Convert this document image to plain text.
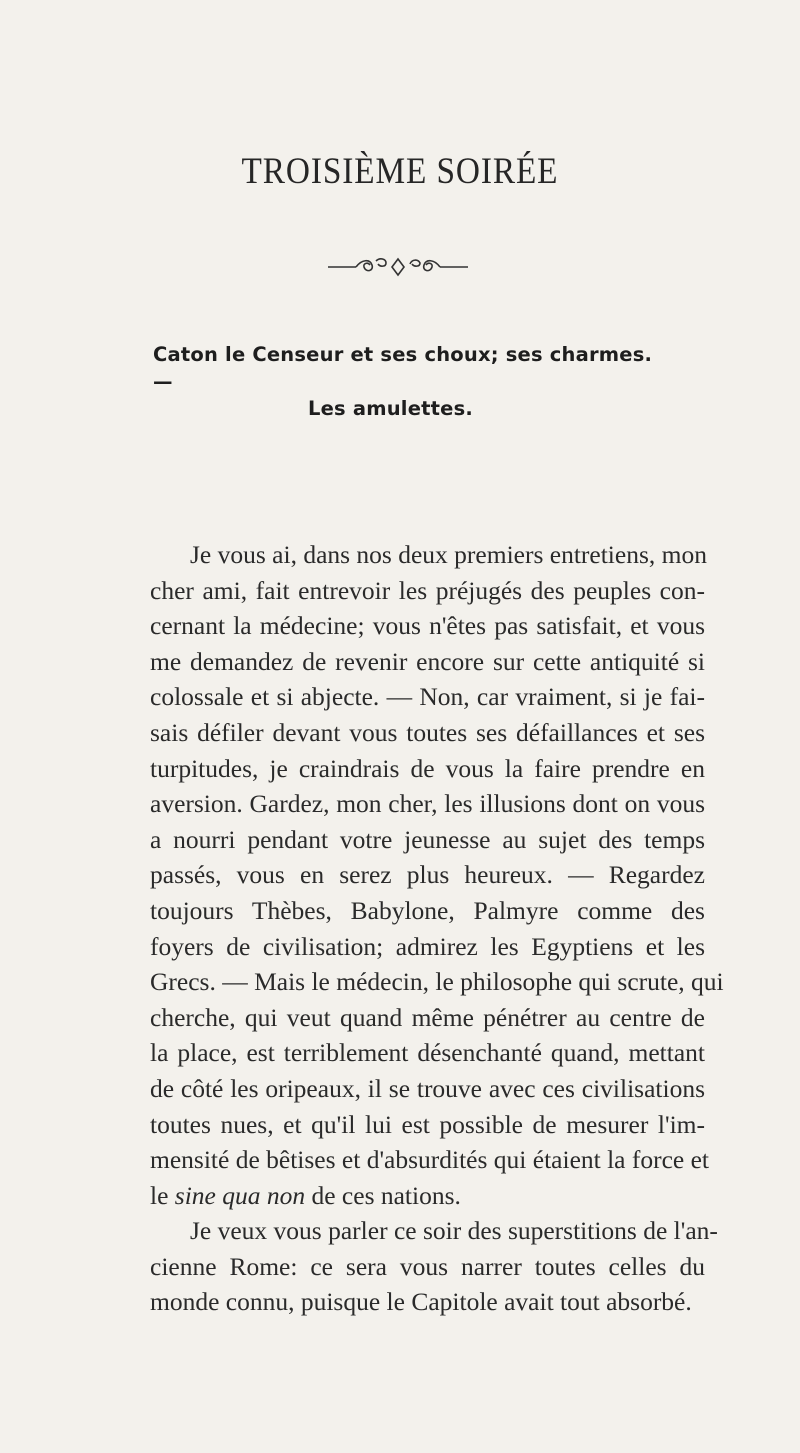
TROISIÈME SOIRÉE
Caton le Censeur et ses choux; ses charmes. —
Les amulettes.
Je vous ai, dans nos deux premiers entretiens, mon
cher ami, fait entrevoir les préjugés des peuples con-
cernant la médecine; vous n'êtes pas satisfait, et vous
me demandez de revenir encore sur cette antiquité si
colossale et si abjecte. — Non, car vraiment, si je fai-
sais défiler devant vous toutes ses défaillances et ses
turpitudes, je craindrais de vous la faire prendre en
aversion. Gardez, mon cher, les illusions dont on vous
a nourri pendant votre jeunesse au sujet des temps
passés, vous en serez plus heureux. — Regardez
toujours Thèbes, Babylone, Palmyre comme des
foyers de civilisation; admirez les Egyptiens et les
Grecs. — Mais le médecin, le philosophe qui scrute, qui
cherche, qui veut quand même pénétrer au centre de
la place, est terriblement désenchanté quand, mettant
de côté les oripeaux, il se trouve avec ces civilisations
toutes nues, et qu'il lui est possible de mesurer l'im-
mensité de bêtises et d'absurdités qui étaient la force et
le sine qua non de ces nations.
Je veux vous parler ce soir des superstitions de l'an-
cienne Rome: ce sera vous narrer toutes celles du
monde connu, puisque le Capitole avait tout absorbé.
